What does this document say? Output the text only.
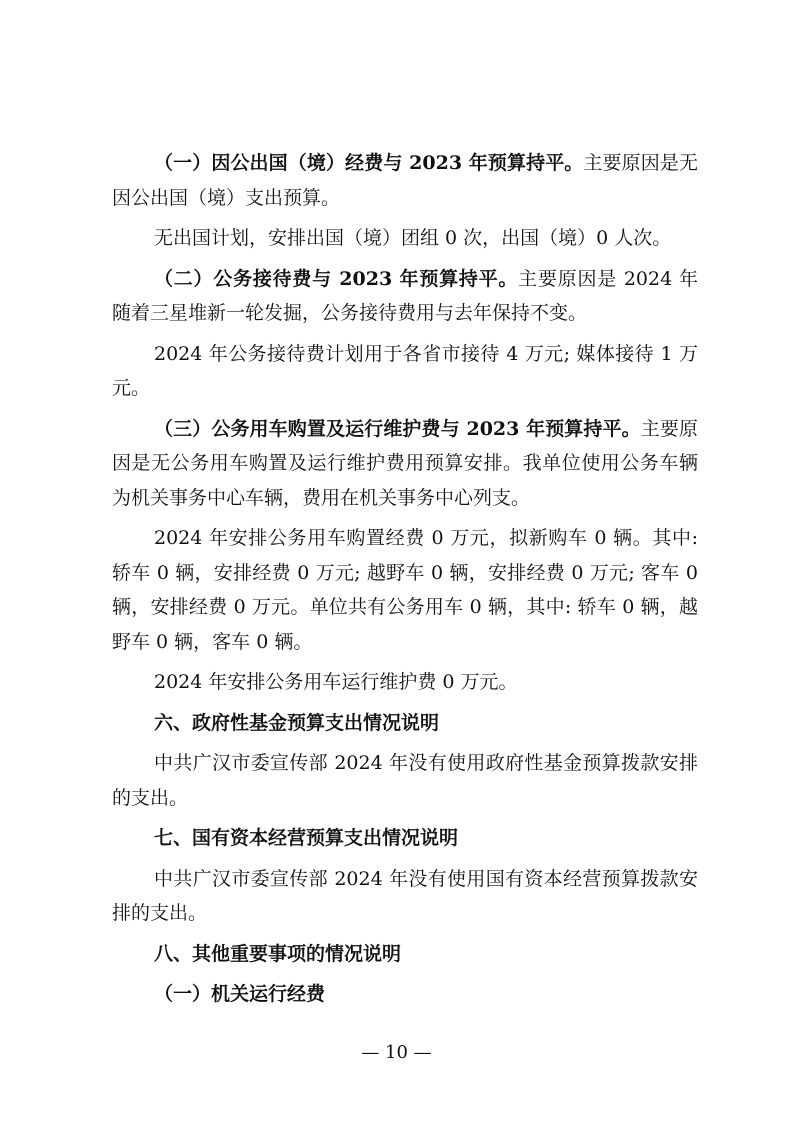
（一）因公出国（境）经费与 2023 年预算持平。主要原因是无因公出国（境）支出预算。

无出国计划，安排出国（境）团组 0 次，出国（境）0 人次。

（二）公务接待费与 2023 年预算持平。主要原因是 2024 年随着三星堆新一轮发掘，公务接待费用与去年保持不变。

2024 年公务接待费计划用于各省市接待 4 万元; 媒体接待 1 万元。

（三）公务用车购置及运行维护费与 2023 年预算持平。主要原因是无公务用车购置及运行维护费用预算安排。我单位使用公务车辆为机关事务中心车辆，费用在机关事务中心列支。

2024 年安排公务用车购置经费 0 万元，拟新购车 0 辆。其中: 轿车 0 辆，安排经费 0 万元; 越野车 0 辆，安排经费 0 万元; 客车 0 辆，安排经费 0 万元。单位共有公务用车 0 辆，其中: 轿车 0 辆，越野车 0 辆，客车 0 辆。

2024 年安排公务用车运行维护费 0 万元。

六、政府性基金预算支出情况说明

中共广汉市委宣传部 2024 年没有使用政府性基金预算拨款安排的支出。

七、国有资本经营预算支出情况说明

中共广汉市委宣传部 2024 年没有使用国有资本经营预算拨款安排的支出。

八、其他重要事项的情况说明

（一）机关运行经费

— 10 —
